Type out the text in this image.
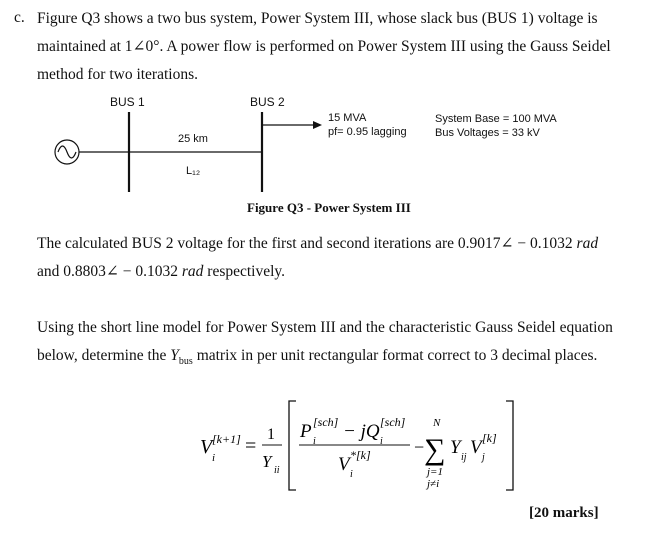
c. Figure Q3 shows a two bus system, Power System III, whose slack bus (BUS 1) voltage is maintained at 1∠0°. A power flow is performed on Power System III using the Gauss Seidel method for two iterations.
BUS 1	BUS 2
25 km
L₁₂
15 MVA
pf= 0.95 lagging
System Base = 100 MVA
Bus Voltages = 33 kV
Figure Q3 - Power System III
The calculated BUS 2 voltage for the first and second iterations are 0.9017∠ − 0.1032 rad
and 0.8803∠ − 0.1032 rad respectively.
Using the short line model for Power System III and the characteristic Gauss Seidel equation below, determine the $Y_{bus}$ matrix in per unit rectangular format correct to 3 decimal places.
V [k+1]
i
=
1
Y ii
P [sch]
i − jQ [sch]
i
V *[k]
i
−
N
∑
j=1
j≠i
Y ij V [k]
j
[20 marks]
